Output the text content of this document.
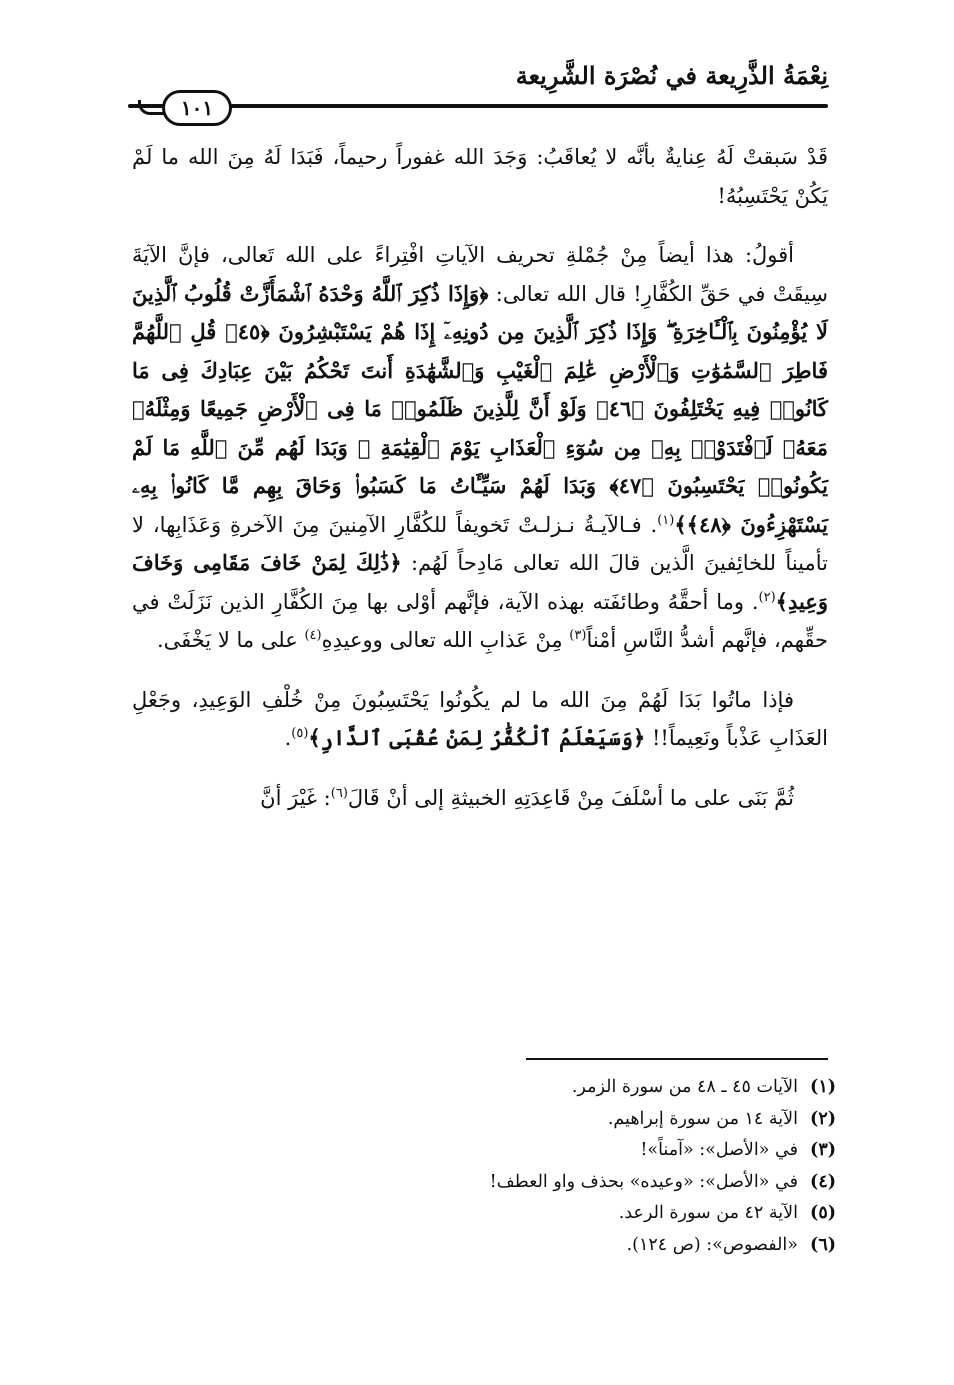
نِعْمَةُ الذَّرِيعة في نُصْرَة الشَّرِيعة
١٠١

قَدْ سَبقتْ لَهُ عِنايةٌ بأنَّه لا يُعاقَبُ: وَجَدَ الله غفوراً رحيماً، فَبَدَا لَهُ مِنَ الله ما لَمْ يَكُنْ يَحْتَسِبُهُ!

أقولُ: هذا أيضاً مِنْ جُمْلةِ تحريف الآياتِ افْتِراءً على الله تَعالى، فإنَّ الآيَةَ سِيقَتْ في حَقِّ الكُفَّارِ! قال الله تعالى: ﴿وَإِذَا ذُكِرَ ٱللَّهُ وَحْدَهُ ٱشْمَأَزَّتْ قُلُوبُ ٱلَّذِينَ لَا يُؤْمِنُونَ بِٱلْـَٔاخِرَةِ ۖ وَإِذَا ذُكِرَ ٱلَّذِينَ مِن دُونِهِۦٓ إِذَا هُمْ يَسْتَبْشِرُونَ ﴿٤٥﴾ قُلِ ٱللَّهُمَّ فَاطِرَ ٱلسَّمَٰوَٰتِ وَٱلْأَرْضِ عَٰلِمَ ٱلْغَيْبِ وَٱلشَّهَٰدَةِ أَنتَ تَحْكُمُ بَيْنَ عِبَادِكَ فِى مَا كَانُوا۟ فِيهِ يَخْتَلِفُونَ ﴿٤٦﴾ وَلَوْ أَنَّ لِلَّذِينَ ظَلَمُوا۟ مَا فِى ٱلْأَرْضِ جَمِيعًا وَمِثْلَهُۥ مَعَهُۥ لَٱفْتَدَوْا۟ بِهِۦ مِن سُوٓءِ ٱلْعَذَابِ يَوْمَ ٱلْقِيَٰمَةِ ۚ وَبَدَا لَهُم مِّنَ ٱللَّهِ مَا لَمْ يَكُونُوا۟ يَحْتَسِبُونَ ﴿٤٧﴾ وَبَدَا لَهُمْ سَيِّـَٔاتُ مَا كَسَبُوا۟ وَحَاقَ بِهِم مَّا كَانُوا۟ بِهِۦ يَسْتَهْزِءُونَ ﴿٤٨﴾﴾$^{(١)}$. فـالآيـةُ نـزلـتْ تَخويفاً للكُفَّارِ الآمِنينَ مِنَ الآخرةِ وَعَذَابِها، لا تأميناً للخائِفينَ الَّذين قالَ الله تعالى مَادِحاً لَهُم: ﴿ذَٰلِكَ لِمَنْ خَافَ مَقَامِى وَخَافَ وَعِيدِ﴾$^{(٢)}$. وما أحقَّهُ وطائفَته بهذه الآية، فإنَّهم أوْلى بها مِنَ الكُفَّارِ الذين نَزَلَتْ في حقِّهم، فإنَّهم أشدُّ النَّاسِ أمْناً$^{(٣)}$ مِنْ عَذابِ الله تعالى ووعيدِهِ$^{(٤)}$ على ما لا يَخْفَى.

فإذا ماتُوا بَدَا لَهُمْ مِنَ الله ما لم يكُونُوا يَحْتَسِبُونَ مِنْ خُلْفِ الوَعِيدِ، وجَعْلِ العَذَابِ عَذْباً ونَعِيماً!! ﴿وَسَيَعْلَمُ ٱلْكُفَّٰرُ لِمَنْ عُقْبَى ٱلدَّارِ﴾$^{(٥)}$.

ثُمَّ بَنَى على ما أسْلَفَ مِنْ قَاعِدَتِهِ الخبيثةِ إلى أنْ قَالَ$^{(٦)}$: غَيْرَ أنَّ

(١)الآيات ٤٥ ـ ٤٨ من سورة الزمر.
(٢)الآية ١٤ من سورة إبراهيم.
(٣)في «الأصل»: «آمناً»!
(٤)في «الأصل»: «وعيده» بحذف واو العطف!
(٥)الآية ٤٢ من سورة الرعد.
(٦)«الفصوص»: (ص ١٢٤).
